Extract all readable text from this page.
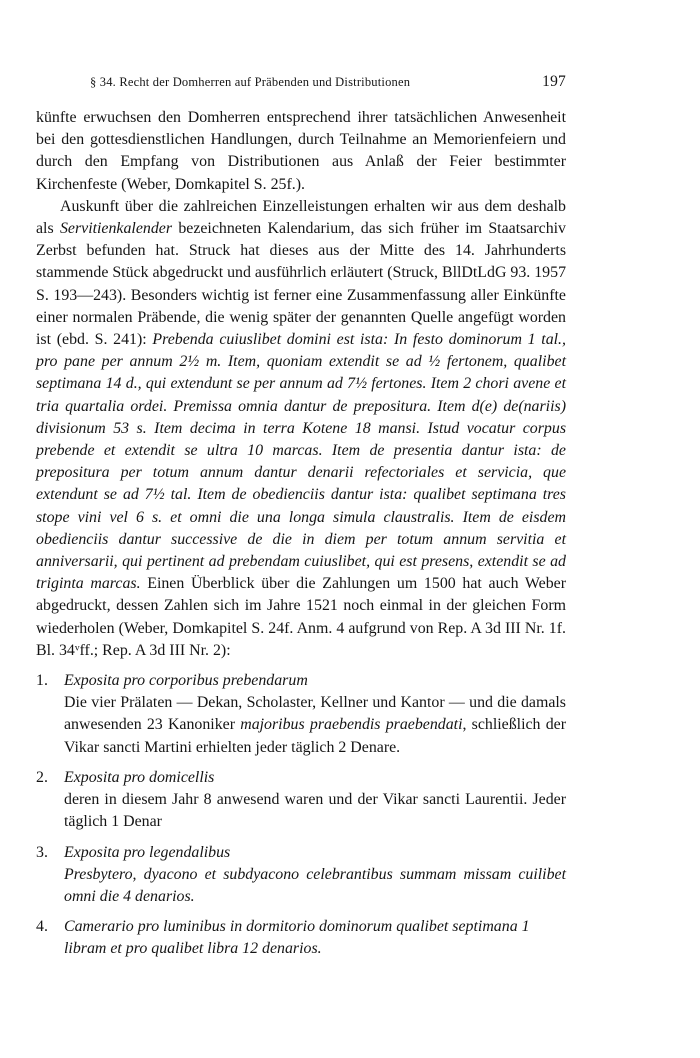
§ 34. Recht der Domherren auf Präbenden und Distributionen	197

künfte erwuchsen den Domherren entsprechend ihrer tatsächlichen Anwesenheit bei den gottesdienstlichen Handlungen, durch Teilnahme an Memorienfeiern und durch den Empfang von Distributionen aus Anlaß der Feier bestimmter Kirchenfeste (Weber, Domkapitel S. 25f.).

Auskunft über die zahlreichen Einzelleistungen erhalten wir aus dem deshalb als Servitienkalender bezeichneten Kalendarium, das sich früher im Staatsarchiv Zerbst befunden hat. Struck hat dieses aus der Mitte des 14. Jahrhunderts stammende Stück abgedruckt und ausführlich erläutert (Struck, BllDtLdG 93. 1957 S. 193—243). Besonders wichtig ist ferner eine Zusammenfassung aller Einkünfte einer normalen Präbende, die wenig später der genannten Quelle angefügt worden ist (ebd. S. 241): Prebenda cuiuslibet domini est ista: In festo dominorum 1 tal., pro pane per annum 2½ m. Item, quoniam extendit se ad ½ fertonem, qualibet septimana 14 d., qui extendunt se per annum ad 7½ fertones. Item 2 chori avene et tria quartalia ordei. Premissa omnia dantur de prepositura. Item d(e) de(nariis) divisionum 53 s. Item decima in terra Kotene 18 mansi. Istud vocatur corpus prebende et extendit se ultra 10 marcas. Item de presentia dantur ista: de prepositura per totum annum dantur denarii refectoriales et servicia, que extendunt se ad 7½ tal. Item de obedienciis dantur ista: qualibet septimana tres stope vini vel 6 s. et omni die una longa simula claustralis. Item de eisdem obedienciis dantur successive de die in diem per totum annum servitia et anniversarii, qui pertinent ad prebendam cuiuslibet, qui est presens, extendit se ad triginta marcas. Einen Überblick über die Zahlungen um 1500 hat auch Weber abgedruckt, dessen Zahlen sich im Jahre 1521 noch einmal in der gleichen Form wiederholen (Weber, Domkapitel S. 24f. Anm. 4 aufgrund von Rep. A 3d III Nr. 1f. Bl. 34ᵛff.; Rep. A 3d III Nr. 2):

1.	Exposita pro corporibus prebendarum
Die vier Prälaten — Dekan, Scholaster, Kellner und Kantor — und die damals anwesenden 23 Kanoniker majoribus praebendis praebendati, schließlich der Vikar sancti Martini erhielten jeder täglich 2 Denare.
2.	Exposita pro domicellis
deren in diesem Jahr 8 anwesend waren und der Vikar sancti Laurentii. Jeder täglich 1 Denar
3.	Exposita pro legendalibus
Presbytero, dyacono et subdyacono celebrantibus summam missam cuilibet omni die 4 denarios.
4.	Camerario pro luminibus in dormitorio dominorum qualibet septimana 1 libram et pro qualibet libra 12 denarios.
